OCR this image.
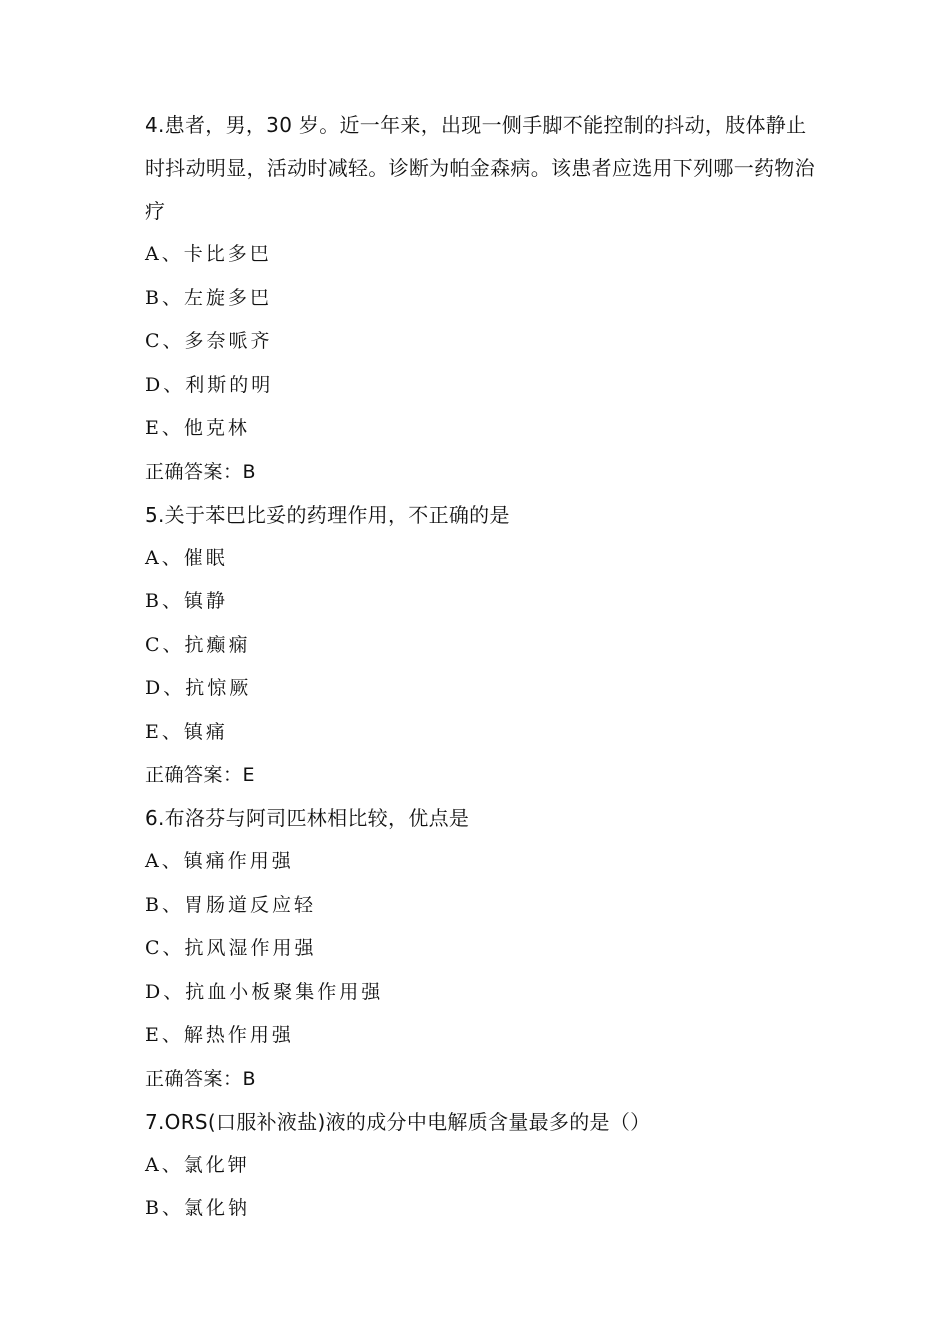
4.患者，男，30 岁。近一年来，出现一侧手脚不能控制的抖动，肢体静止时抖动明显，活动时减轻。诊断为帕金森病。该患者应选用下列哪一药物治疗

A、卡比多巴

B、左旋多巴

C、多奈哌齐

D、利斯的明

E、他克林

正确答案：B

5.关于苯巴比妥的药理作用，不正确的是

A、催眠

B、镇静

C、抗癫痫

D、抗惊厥

E、镇痛

正确答案：E

6.布洛芬与阿司匹林相比较，优点是

A、镇痛作用强

B、胃肠道反应轻

C、抗风湿作用强

D、抗血小板聚集作用强

E、解热作用强

正确答案：B

7.ORS(口服补液盐)液的成分中电解质含量最多的是（）

A、氯化钾

B、氯化钠
